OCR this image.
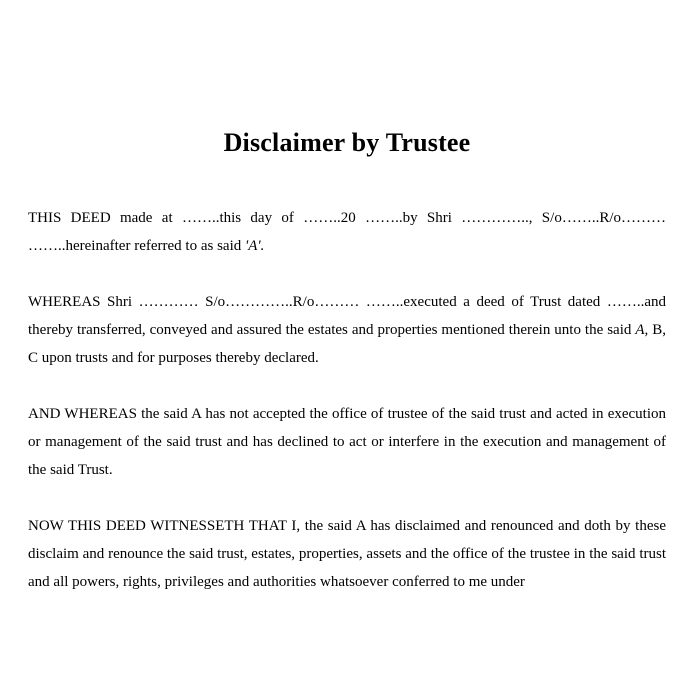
Disclaimer by Trustee

THIS DEED made at ……..this day of ……..20 ……..by Shri ………….., S/o……..R/o……… ……..hereinafter referred to as said 'A'.

WHEREAS Shri ………… S/o…………..R/o……… ……..executed a deed of Trust dated ……..and thereby transferred, conveyed and assured the estates and properties mentioned therein unto the said A, B, C upon trusts and for purposes thereby declared.

AND WHEREAS the said A has not accepted the office of trustee of the said trust and acted in execution or management of the said trust and has declined to act or interfere in the execution and management of the said Trust.

NOW THIS DEED WITNESSETH THAT I, the said A has disclaimed and renounced and doth by these disclaim and renounce the said trust, estates, properties, assets and the office of the trustee in the said trust and all powers, rights, privileges and authorities whatsoever conferred to me under
